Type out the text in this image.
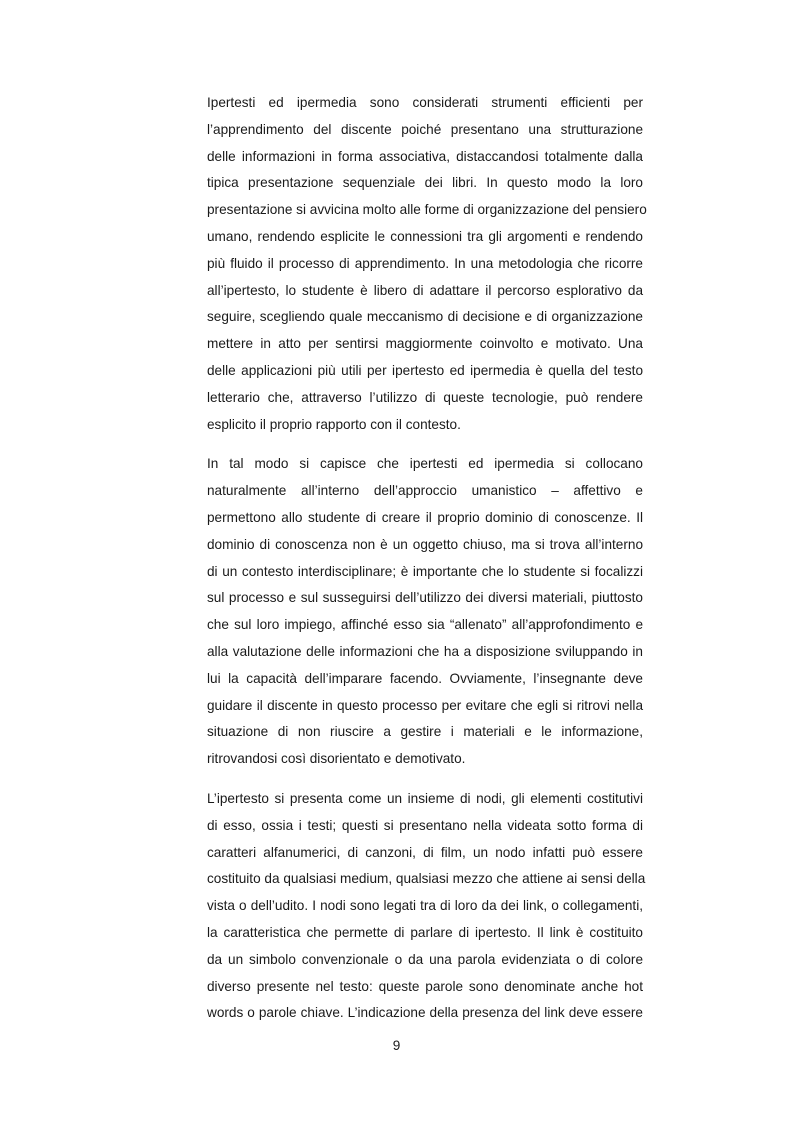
Ipertesti ed ipermedia sono considerati strumenti efficienti per
l’apprendimento del discente poiché presentano una strutturazione
delle informazioni in forma associativa, distaccandosi totalmente dalla
tipica presentazione sequenziale dei libri. In questo modo la loro
presentazione si avvicina molto alle forme di organizzazione del pensiero
umano, rendendo esplicite le connessioni tra gli argomenti e rendendo
più fluido il processo di apprendimento. In una metodologia che ricorre
all’ipertesto, lo studente è libero di adattare il percorso esplorativo da
seguire, scegliendo quale meccanismo di decisione e di organizzazione
mettere in atto per sentirsi maggiormente coinvolto e motivato. Una
delle applicazioni più utili per ipertesto ed ipermedia è quella del testo
letterario che, attraverso l’utilizzo di queste tecnologie, può rendere
esplicito il proprio rapporto con il contesto.
In tal modo si capisce che ipertesti ed ipermedia si collocano
naturalmente all’interno dell’approccio umanistico – affettivo e
permettono allo studente di creare il proprio dominio di conoscenze. Il
dominio di conoscenza non è un oggetto chiuso, ma si trova all’interno
di un contesto interdisciplinare; è importante che lo studente si focalizzi
sul processo e sul susseguirsi dell’utilizzo dei diversi materiali, piuttosto
che sul loro impiego, affinché esso sia “allenato” all’approfondimento e
alla valutazione delle informazioni che ha a disposizione sviluppando in
lui la capacità dell’imparare facendo. Ovviamente, l’insegnante deve
guidare il discente in questo processo per evitare che egli si ritrovi nella
situazione di non riuscire a gestire i materiali e le informazione,
ritrovandosi così disorientato e demotivato.
L’ipertesto si presenta come un insieme di nodi, gli elementi costitutivi
di esso, ossia i testi; questi si presentano nella videata sotto forma di
caratteri alfanumerici, di canzoni, di film, un nodo infatti può essere
costituito da qualsiasi medium, qualsiasi mezzo che attiene ai sensi della
vista o dell’udito. I nodi sono legati tra di loro da dei link, o collegamenti,
la caratteristica che permette di parlare di ipertesto. Il link è costituito
da un simbolo convenzionale o da una parola evidenziata o di colore
diverso presente nel testo: queste parole sono denominate anche hot
words o parole chiave. L’indicazione della presenza del link deve essere
9
